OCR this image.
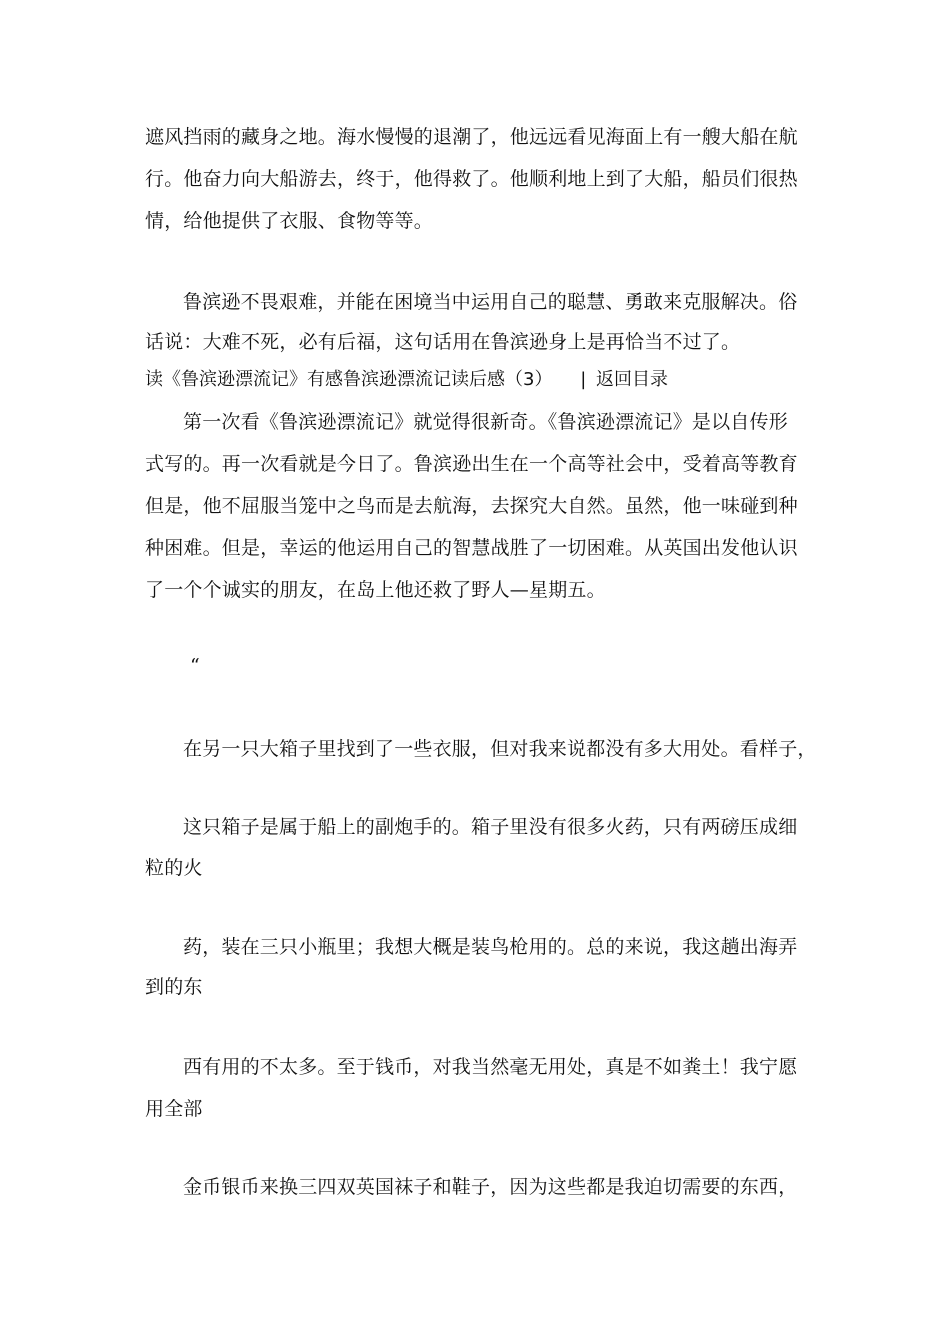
遮风挡雨的藏身之地。海水慢慢的退潮了，他远远看见海面上有一艘大船在航
行。他奋力向大船游去，终于，他得救了。他顺利地上到了大船，船员们很热
情，给他提供了衣服、食物等等。
鲁滨逊不畏艰难，并能在困境当中运用自己的聪慧、勇敢来克服解决。俗
话说：大难不死，必有后福，这句话用在鲁滨逊身上是再恰当不过了。
读《鲁滨逊漂流记》有感鲁滨逊漂流记读后感（3） | 返回目录
第一次看《鲁滨逊漂流记》就觉得很新奇。《鲁滨逊漂流记》是以自传形
式写的。再一次看就是今日了。鲁滨逊出生在一个高等社会中，受着高等教育
但是，他不屈服当笼中之鸟而是去航海，去探究大自然。虽然，他一味碰到种
种困难。但是，幸运的他运用自己的智慧战胜了一切困难。从英国出发他认识
了一个个诚实的朋友，在岛上他还救了野人—星期五。
“
在另一只大箱子里找到了一些衣服，但对我来说都没有多大用处。看样子，
这只箱子是属于船上的副炮手的。箱子里没有很多火药，只有两磅压成细
粒的火
药，装在三只小瓶里；我想大概是装鸟枪用的。总的来说，我这趟出海弄
到的东
西有用的不太多。至于钱币，对我当然毫无用处，真是不如粪土！我宁愿
用全部
金币银币来换三四双英国袜子和鞋子，因为这些都是我迫切需要的东西，
